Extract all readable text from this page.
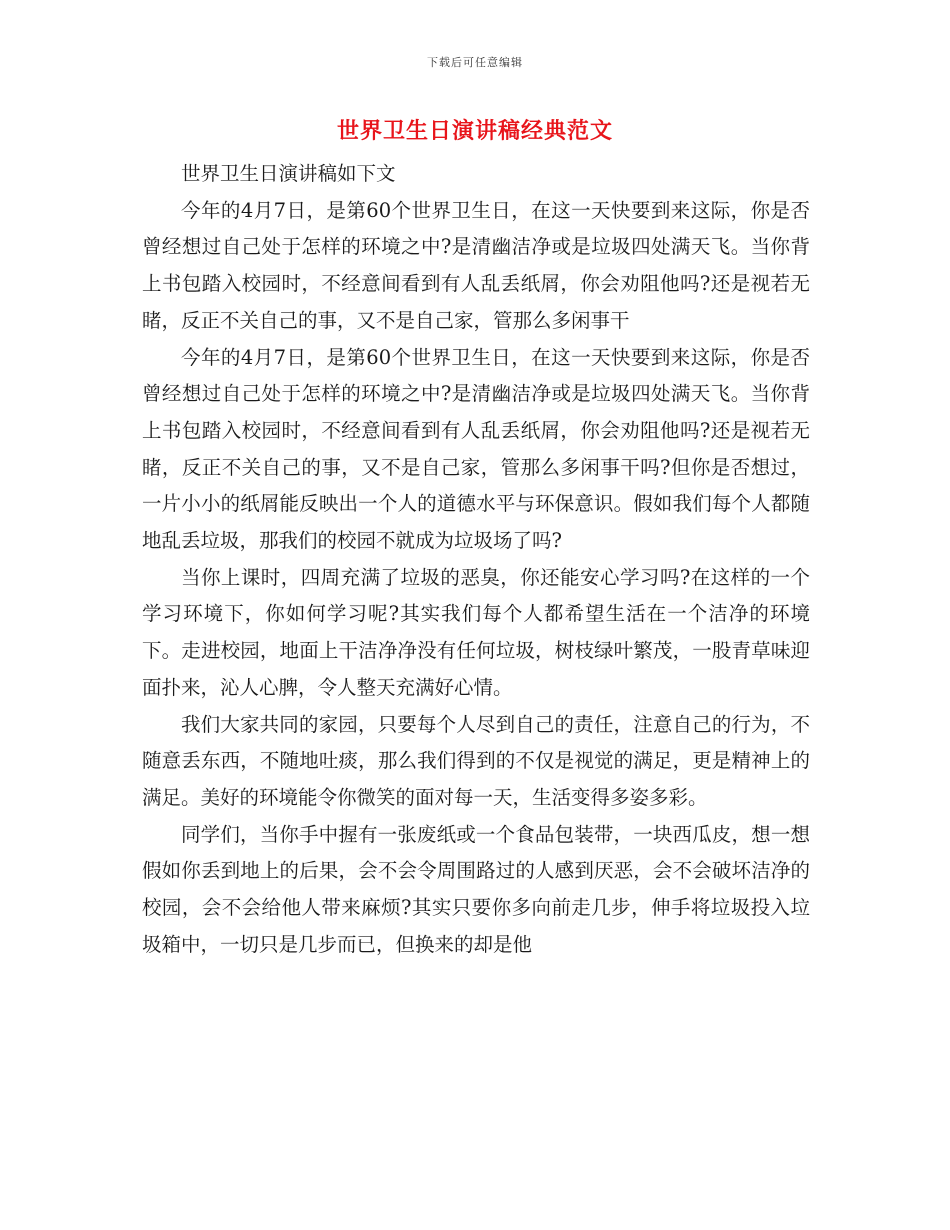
下载后可任意编辑
世界卫生日演讲稿经典范文

世界卫生日演讲稿如下文

今年的4月7日，是第60个世界卫生日，在这一天快要到来这际，你是否曾经想过自己处于怎样的环境之中?是清幽洁净或是垃圾四处满天飞。当你背上书包踏入校园时，不经意间看到有人乱丢纸屑，你会劝阻他吗?还是视若无睹，反正不关自己的事，又不是自己家，管那么多闲事干

今年的4月7日，是第60个世界卫生日，在这一天快要到来这际，你是否曾经想过自己处于怎样的环境之中?是清幽洁净或是垃圾四处满天飞。当你背上书包踏入校园时，不经意间看到有人乱丢纸屑，你会劝阻他吗?还是视若无睹，反正不关自己的事，又不是自己家，管那么多闲事干吗?但你是否想过，一片小小的纸屑能反映出一个人的道德水平与环保意识。假如我们每个人都随地乱丢垃圾，那我们的校园不就成为垃圾场了吗?

当你上课时，四周充满了垃圾的恶臭，你还能安心学习吗?在这样的一个学习环境下，你如何学习呢?其实我们每个人都希望生活在一个洁净的环境下。走进校园，地面上干洁净净没有任何垃圾，树枝绿叶繁茂，一股青草味迎面扑来，沁人心脾，令人整天充满好心情。

我们大家共同的家园，只要每个人尽到自己的责任，注意自己的行为，不随意丢东西，不随地吐痰，那么我们得到的不仅是视觉的满足，更是精神上的满足。美好的环境能令你微笑的面对每一天，生活变得多姿多彩。

同学们，当你手中握有一张废纸或一个食品包装带，一块西瓜皮，想一想假如你丢到地上的后果，会不会令周围路过的人感到厌恶，会不会破坏洁净的校园，会不会给他人带来麻烦?其实只要你多向前走几步，伸手将垃圾投入垃圾箱中，一切只是几步而已，但换来的却是他
